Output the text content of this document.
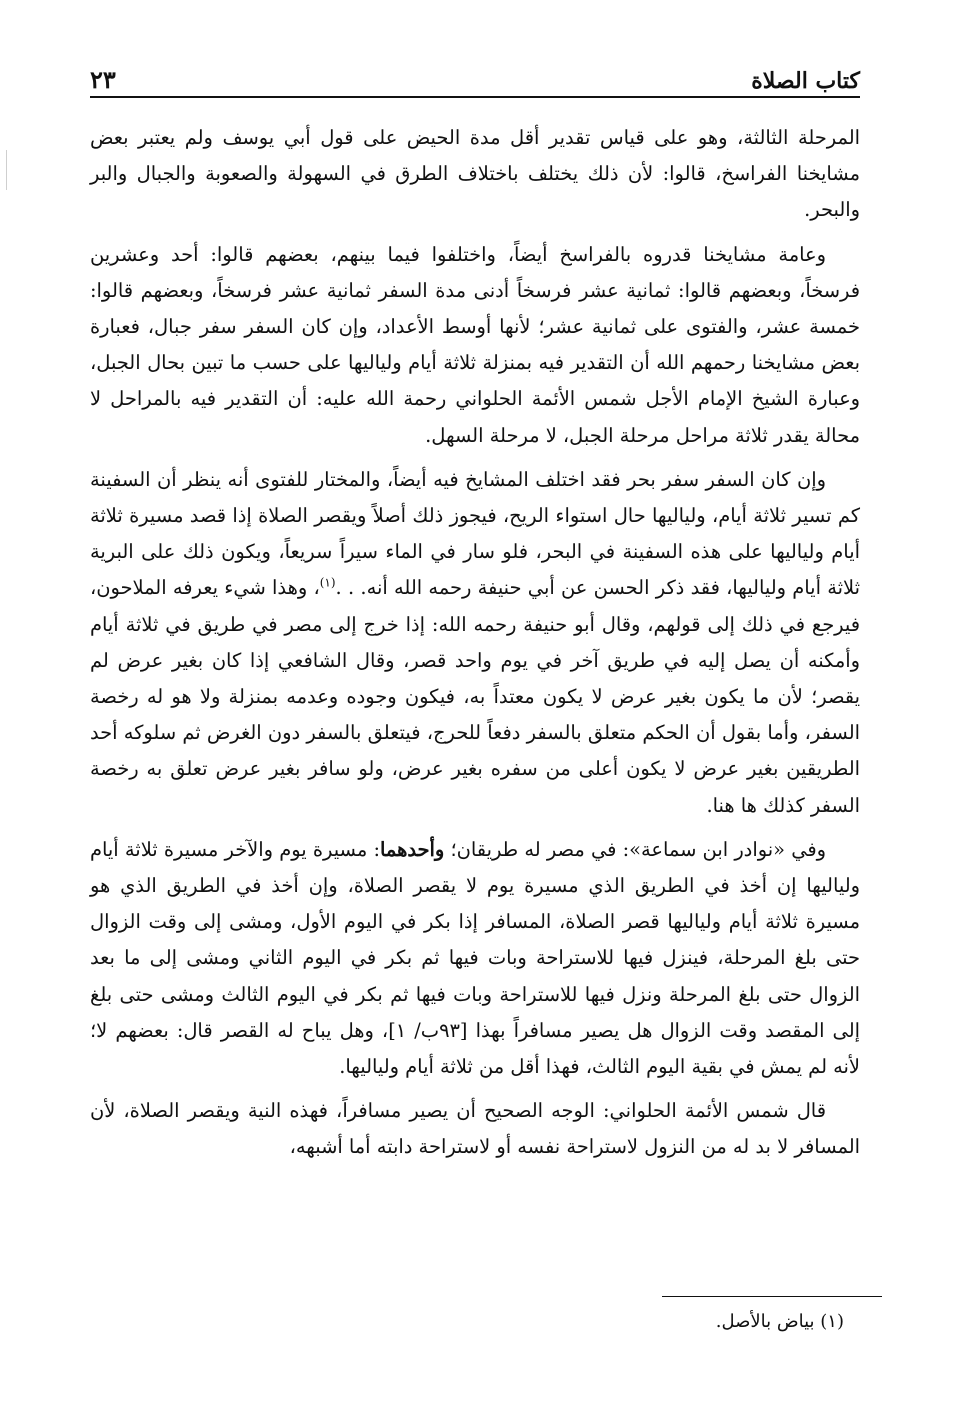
كتاب الصلاة
٢٣

المرحلة الثالثة، وهو على قياس تقدير أقل مدة الحيض على قول أبي يوسف ولم يعتبر بعض مشايخنا الفراسخ، قالوا: لأن ذلك يختلف باختلاف الطرق في السهولة والصعوبة والجبال والبر والبحر.

وعامة مشايخنا قدروه بالفراسخ أيضاً، واختلفوا فيما بينهم، بعضهم قالوا: أحد وعشرين فرسخاً، وبعضهم قالوا: ثمانية عشر فرسخاً أدنى مدة السفر ثمانية عشر فرسخاً، وبعضهم قالوا: خمسة عشر، والفتوى على ثمانية عشر؛ لأنها أوسط الأعداد، وإن كان السفر سفر جبال، فعبارة بعض مشايخنا رحمهم الله أن التقدير فيه بمنزلة ثلاثة أيام ولياليها على حسب ما تبين بحال الجبل، وعبارة الشيخ الإمام الأجل شمس الأئمة الحلواني رحمة الله عليه: أن التقدير فيه بالمراحل لا محالة يقدر ثلاثة مراحل مرحلة الجبل، لا مرحلة السهل.

وإن كان السفر سفر بحر فقد اختلف المشايخ فيه أيضاً، والمختار للفتوى أنه ينظر أن السفينة كم تسير ثلاثة أيام، ولياليها حال استواء الريح، فيجوز ذلك أصلاً ويقصر الصلاة إذا قصد مسيرة ثلاثة أيام ولياليها على هذه السفينة في البحر، فلو سار في الماء سيراً سريعاً، ويكون ذلك على البرية ثلاثة أيام ولياليها، فقد ذكر الحسن عن أبي حنيفة رحمه الله أنه. . .$^{(١)}$، وهذا شيء يعرفه الملاحون، فيرجع في ذلك إلى قولهم، وقال أبو حنيفة رحمه الله: إذا خرج إلى مصر في طريق في ثلاثة أيام وأمكنه أن يصل إليه في طريق آخر في يوم واحد قصر، وقال الشافعي إذا كان بغير عرض لم يقصر؛ لأن ما يكون بغير عرض لا يكون معتداً به، فيكون وجوده وعدمه بمنزلة ولا هو له رخصة السفر، وأما بقول أن الحكم متعلق بالسفر دفعاً للحرج، فيتعلق بالسفر دون الغرض ثم سلوكه أحد الطريقين بغير عرض لا يكون أعلى من سفره بغير عرض، ولو سافر بغير عرض تعلق به رخصة السفر كذلك ها هنا.

وفي «نوادر ابن سماعة»: في مصر له طريقان؛ وأحدهما: مسيرة يوم والآخر مسيرة ثلاثة أيام ولياليها إن أخذ في الطريق الذي مسيرة يوم لا يقصر الصلاة، وإن أخذ في الطريق الذي هو مسيرة ثلاثة أيام ولياليها قصر الصلاة، المسافر إذا بكر في اليوم الأول، ومشى إلى وقت الزوال حتى بلغ المرحلة، فينزل فيها للاستراحة وبات فيها ثم بكر في اليوم الثاني ومشى إلى ما بعد الزوال حتى بلغ المرحلة ونزل فيها للاستراحة وبات فيها ثم بكر في اليوم الثالث ومشى حتى بلغ إلى المقصد وقت الزوال هل يصير مسافراً بهذا [٩٣ب/ ١]، وهل يباح له القصر قال: بعضهم لا؛ لأنه لم يمش في بقية اليوم الثالث، فهذا أقل من ثلاثة أيام ولياليها.

قال شمس الأئمة الحلواني: الوجه الصحيح أن يصير مسافراً، فهذه النية ويقصر الصلاة، لأن المسافر لا بد له من النزول لاستراحة نفسه أو لاستراحة دابته أما أشبهه،

(١) بياض بالأصل.
